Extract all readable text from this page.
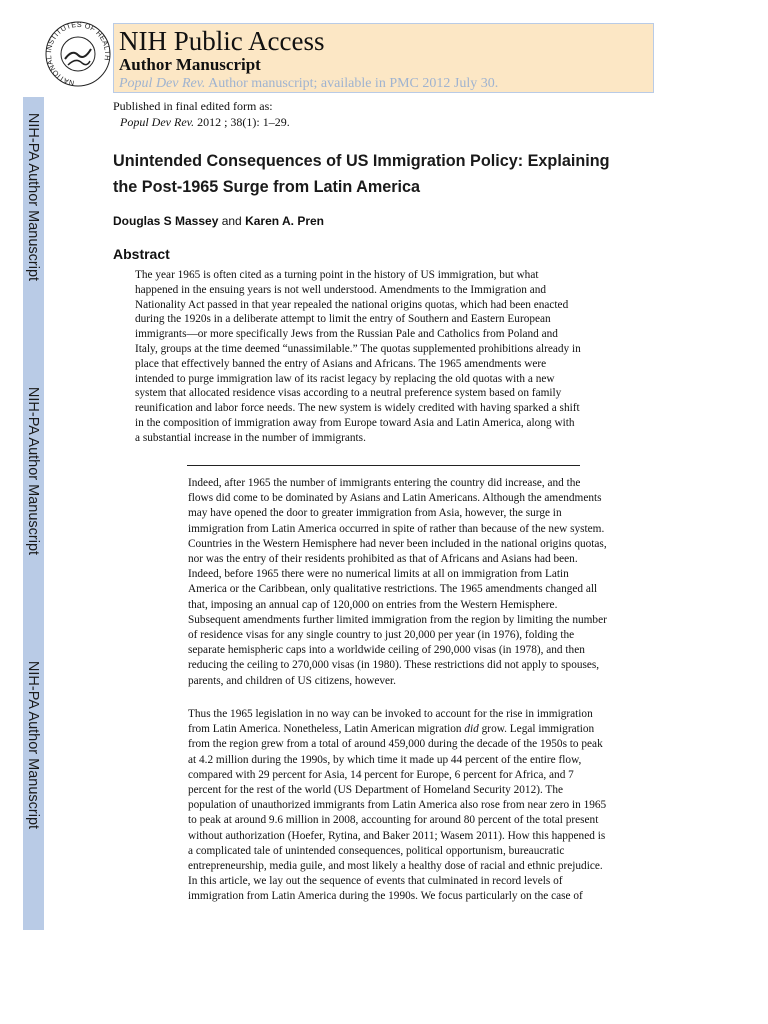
NATIONAL INSTITUTES OF HEALTH
NIH Public Access
Author Manuscript
Popul Dev Rev. Author manuscript; available in PMC 2012 July 30.
NIH-PA Author Manuscript
NIH-PA Author Manuscript
NIH-PA Author Manuscript
Published in final edited form as:
Popul Dev Rev. 2012 ; 38(1): 1–29.
Unintended Consequences of US Immigration Policy: Explaining
the Post-1965 Surge from Latin America
Douglas S Massey and Karen A. Pren
Abstract
The year 1965 is often cited as a turning point in the history of US immigration, but what
happened in the ensuing years is not well understood. Amendments to the Immigration and
Nationality Act passed in that year repealed the national origins quotas, which had been enacted
during the 1920s in a deliberate attempt to limit the entry of Southern and Eastern European
immigrants—or more specifically Jews from the Russian Pale and Catholics from Poland and
Italy, groups at the time deemed “unassimilable.” The quotas supplemented prohibitions already in
place that effectively banned the entry of Asians and Africans. The 1965 amendments were
intended to purge immigration law of its racist legacy by replacing the old quotas with a new
system that allocated residence visas according to a neutral preference system based on family
reunification and labor force needs. The new system is widely credited with having sparked a shift
in the composition of immigration away from Europe toward Asia and Latin America, along with
a substantial increase in the number of immigrants.
Indeed, after 1965 the number of immigrants entering the country did increase, and the
flows did come to be dominated by Asians and Latin Americans. Although the amendments
may have opened the door to greater immigration from Asia, however, the surge in
immigration from Latin America occurred in spite of rather than because of the new system.
Countries in the Western Hemisphere had never been included in the national origins quotas,
nor was the entry of their residents prohibited as that of Africans and Asians had been.
Indeed, before 1965 there were no numerical limits at all on immigration from Latin
America or the Caribbean, only qualitative restrictions. The 1965 amendments changed all
that, imposing an annual cap of 120,000 on entries from the Western Hemisphere.
Subsequent amendments further limited immigration from the region by limiting the number
of residence visas for any single country to just 20,000 per year (in 1976), folding the
separate hemispheric caps into a worldwide ceiling of 290,000 visas (in 1978), and then
reducing the ceiling to 270,000 visas (in 1980). These restrictions did not apply to spouses,
parents, and children of US citizens, however.
Thus the 1965 legislation in no way can be invoked to account for the rise in immigration
from Latin America. Nonetheless, Latin American migration did grow. Legal immigration
from the region grew from a total of around 459,000 during the decade of the 1950s to peak
at 4.2 million during the 1990s, by which time it made up 44 percent of the entire flow,
compared with 29 percent for Asia, 14 percent for Europe, 6 percent for Africa, and 7
percent for the rest of the world (US Department of Homeland Security 2012). The
population of unauthorized immigrants from Latin America also rose from near zero in 1965
to peak at around 9.6 million in 2008, accounting for around 80 percent of the total present
without authorization (Hoefer, Rytina, and Baker 2011; Wasem 2011). How this happened is
a complicated tale of unintended consequences, political opportunism, bureaucratic
entrepreneurship, media guile, and most likely a healthy dose of racial and ethnic prejudice.
In this article, we lay out the sequence of events that culminated in record levels of
immigration from Latin America during the 1990s. We focus particularly on the case of
